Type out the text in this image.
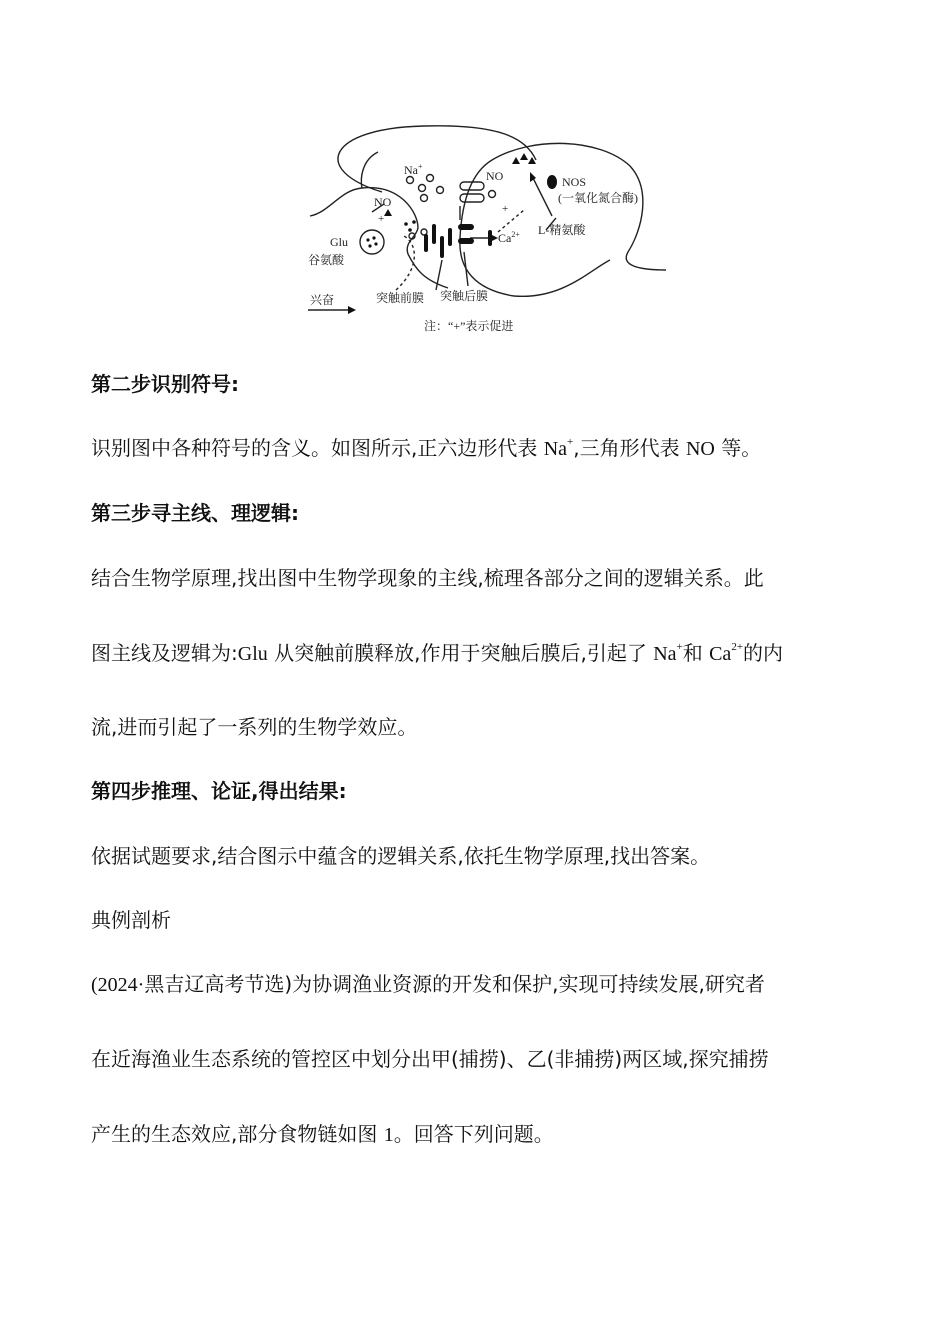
Na+
NO
NO
NOS
(一氧化氮合酶)
+
+
Glu
谷氨酸
$Ca^{2+}$ L-精氨酸
兴奋	突触前膜 突触后膜
注：“+”表示促进

第二步识别符号:

识别图中各种符号的含义。如图所示,正六边形代表 Na+,三角形代表 NO 等。

第三步寻主线、理逻辑:

结合生物学原理,找出图中生物学现象的主线,梳理各部分之间的逻辑关系。此

图主线及逻辑为:Glu 从突触前膜释放,作用于突触后膜后,引起了 Na+和 $Ca^{2+}$的内

流,进而引起了一系列的生物学效应。

第四步推理、论证,得出结果:

依据试题要求,结合图示中蕴含的逻辑关系,依托生物学原理,找出答案。

典例剖析

(2024·黑吉辽高考节选)为协调渔业资源的开发和保护,实现可持续发展,研究者

在近海渔业生态系统的管控区中划分出甲(捕捞)、乙(非捕捞)两区域,探究捕捞

产生的生态效应,部分食物链如图 1。回答下列问题。
